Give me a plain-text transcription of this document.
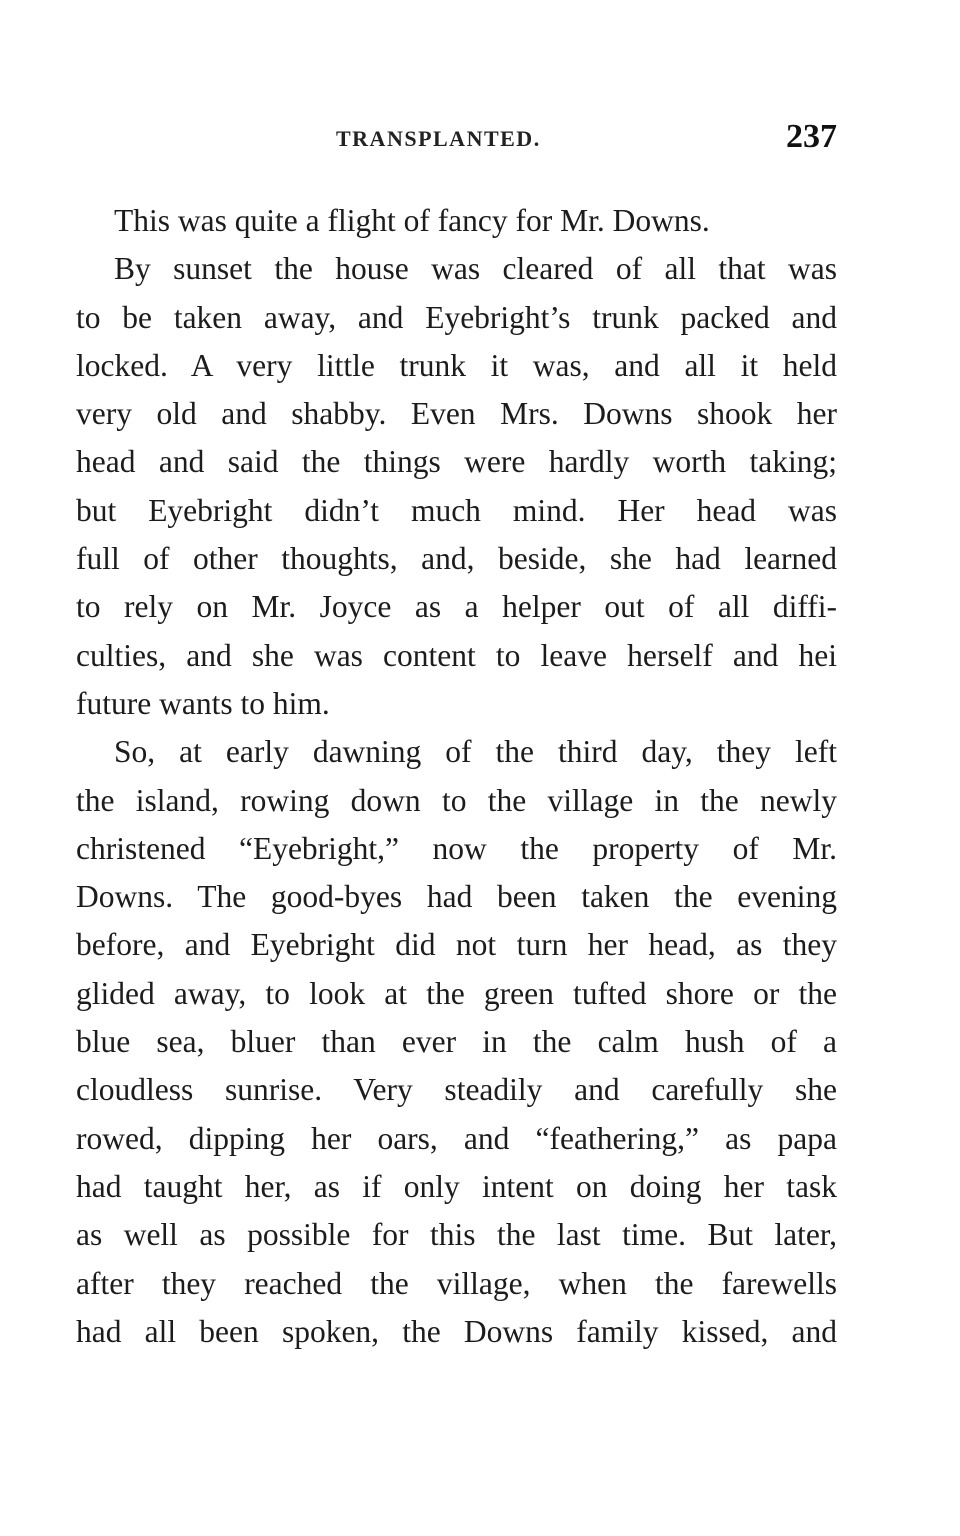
TRANSPLANTED.	237
This was quite a flight of fancy for Mr. Downs.
By sunset the house was cleared of all that was
to be taken away, and Eyebright’s trunk packed and
locked. A very little trunk it was, and all it held
very old and shabby. Even Mrs. Downs shook her
head and said the things were hardly worth taking;
but Eyebright didn’t much mind. Her head was
full of other thoughts, and, beside, she had learned
to rely on Mr. Joyce as a helper out of all diffi-
culties, and she was content to leave herself and hei
future wants to him.
So, at early dawning of the third day, they left
the island, rowing down to the village in the newly
christened “Eyebright,” now the property of Mr.
Downs. The good-byes had been taken the evening
before, and Eyebright did not turn her head, as they
glided away, to look at the green tufted shore or the
blue sea, bluer than ever in the calm hush of a
cloudless sunrise. Very steadily and carefully she
rowed, dipping her oars, and “feathering,” as papa
had taught her, as if only intent on doing her task
as well as possible for this the last time. But later,
after they reached the village, when the farewells
had all been spoken, the Downs family kissed, and
